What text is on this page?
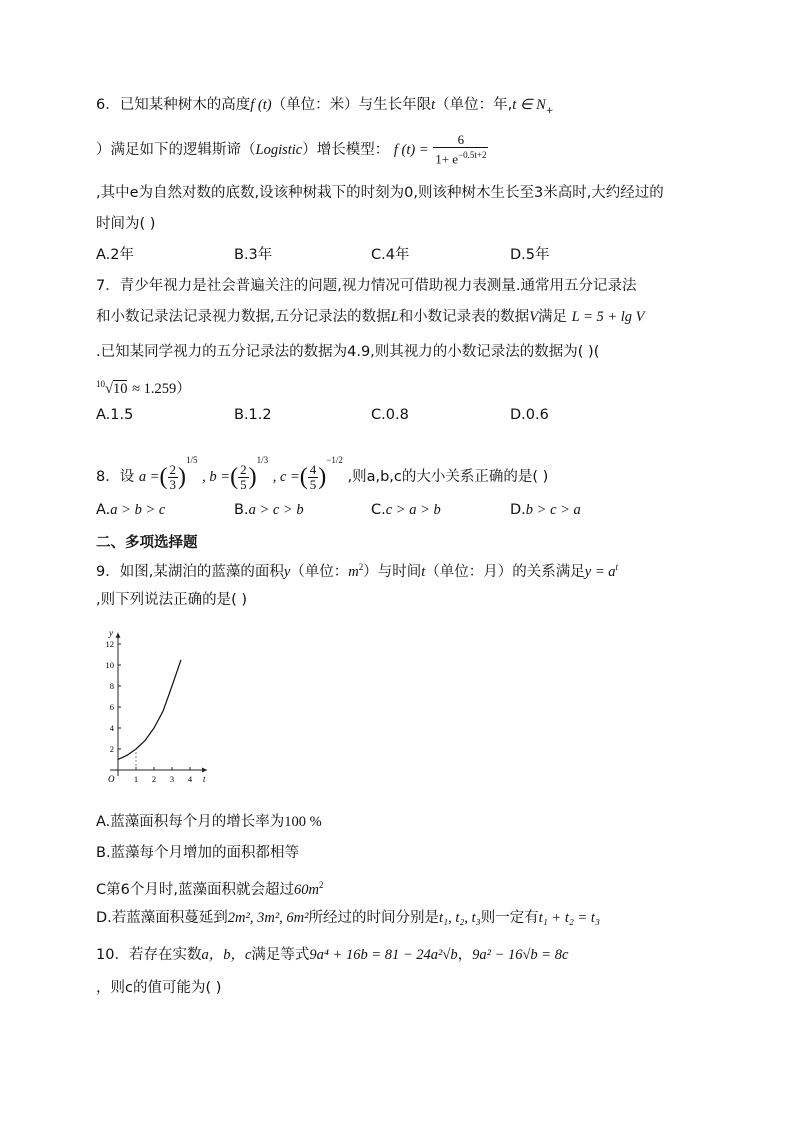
6．已知某种树木的高度f (t)（单位：米）与生长年限t（单位：年,t ∈ $N_+$
）满足如下的逻辑斯谛（Logistic）增长模型： f $(t) = \frac{6}{1+ e^{-0.5t+2}}$
,其中e为自然对数的底数,设该种树栽下的时刻为0,则该种树木生长至3米高时,大约经过的
时间为( )
A.2年	B.3年	C.4年	D.5年
7．青少年视力是社会普遍关注的问题,视力情况可借助视力表测量.通常用五分记录法
和小数记录法记录视力数据,五分记录法的数据L和小数记录表的数据V满足 L = 5 + lg V
.已知某同学视力的五分记录法的数据为4.9,则其视力的小数记录法的数据为( )(
$^{10}$√10 ≈ 1.259）
A.1.5	B.1.2	C.0.8	D.0.6
8．设 a =( $\frac{2}{3} )^{1/5}$ , b =( $\frac{2}{5} )^{1/3}$ , c =( $\frac{4}{5} )^{-1/2}$ ,则a,b,c的大小关系正确的是( )
A.a > b > c	B.a > c > b	C.c > a > b	D.b > c > a
二、多项选择题
9．如图,某湖泊的蓝藻的面积y（单位：$m^2$）与时间t（单位：月）的关系满足$y = a^t$
,则下列说法正确的是( )
y
t
O
2
4
6
8
10
12
1 2 3 4
A.蓝藻面积每个月的增长率为100 %
B.蓝藻每个月增加的面积都相等
C第6个月时,蓝藻面积就会超过$60m^2$
D.若蓝藻面积蔓延到2m², 3m², 6m²所经过的时间分别是t₁, t₂, t₃则一定有t₁ + t₂ = t₃
10．若存在实数a，b，c满足等式9a⁴ + 16b = 81 − 24a²√b，9a² − 16√b = 8c
，则c的值可能为( )
